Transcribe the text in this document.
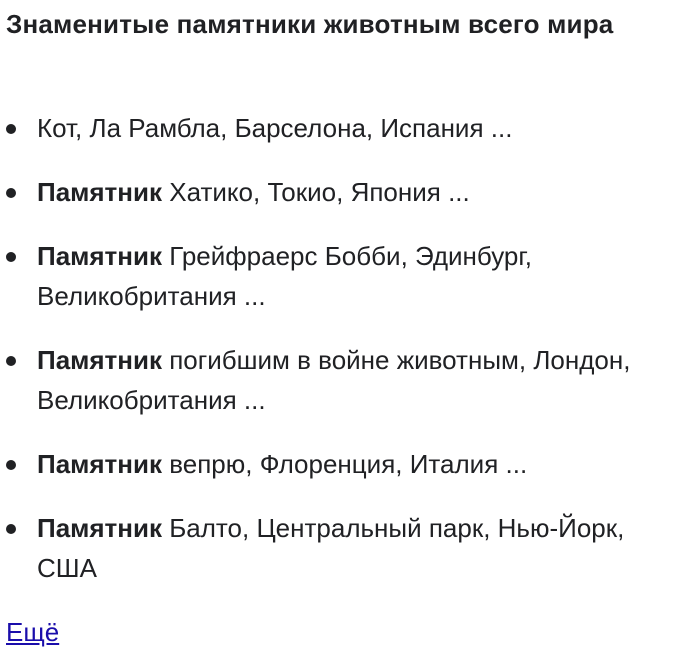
Знаменитые памятники животным всего мира
Кот, Ла Рамбла, Барселона, Испания ...
Памятник Хатико, Токио, Япония ...
Памятник Грейфраерс Бобби, Эдинбург, Великобритания ...
Памятник погибшим в войне животным, Лондон, Великобритания ...
Памятник вепрю, Флоренция, Италия ...
Памятник Балто, Центральный парк, Нью-Йорк, США
Ещё
